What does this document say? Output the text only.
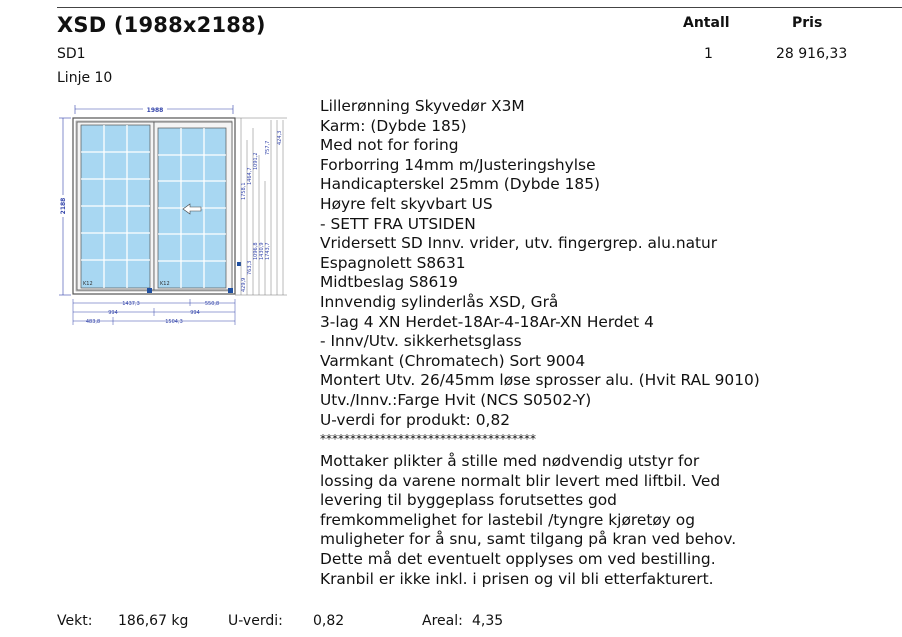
XSD (1988x2188)
SD1
Linje 10
Antall	Pris
1	28 916,33
1988
2188
K12	K12
1758,1
1464,7
1091,2
757,7
424,3
1430,9
1096,8
763,3
429,9
1743,7
1437,3	550,8
994	994
483,8	1504,3
Lillerønning Skyvedør X3M
Karm: (Dybde 185)
Med not for foring
Forborring 14mm m/Justeringshylse
Handicapterskel 25mm (Dybde 185)
Høyre felt skyvbart US
- SETT FRA UTSIDEN
Vridersett SD Innv. vrider, utv. fingergrep. alu.natur
Espagnolett S8631
Midtbeslag S8619
Innvendig sylinderlås XSD, Grå
3-lag 4 XN Herdet-18Ar-4-18Ar-XN Herdet 4
- Innv/Utv. sikkerhetsglass
Varmkant (Chromatech) Sort 9004
Montert Utv. 26/45mm løse sprosser alu. (Hvit RAL 9010)
Utv./Innv.:Farge Hvit (NCS S0502-Y)
U-verdi for produkt: 0,82
************************************
Mottaker plikter å stille med nødvendig utstyr for
lossing da varene normalt blir levert med liftbil. Ved
levering til byggeplass forutsettes god
fremkommelighet for lastebil /tyngre kjøretøy og
muligheter for å snu, samt tilgang på kran ved behov.
Dette må det eventuelt opplyses om ved bestilling.
Kranbil er ikke inkl. i prisen og vil bli etterfakturert.
Vekt: 186,67 kg	U-verdi: 0,82	Areal: 4,35
